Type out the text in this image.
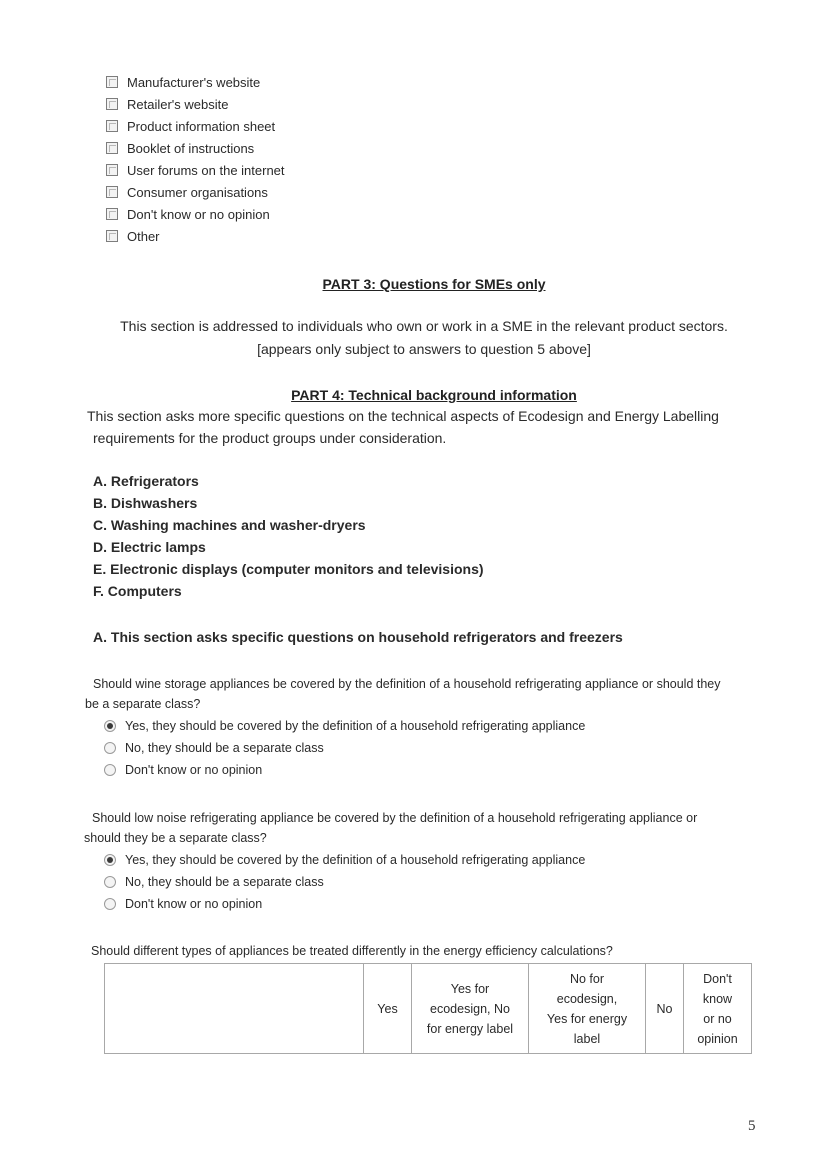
Manufacturer's website
Retailer's website
Product information sheet
Booklet of instructions
User forums on the internet
Consumer organisations
Don't know or no opinion
Other
PART 3: Questions for SMEs only
This section is addressed to individuals who own or work in a SME in the relevant product sectors.
[appears only subject to answers to question 5 above]
PART 4: Technical background information
This section asks more specific questions on the technical aspects of Ecodesign and Energy Labelling
requirements for the product groups under consideration.
A. Refrigerators
B. Dishwashers
C. Washing machines and washer-dryers
D. Electric lamps
E. Electronic displays (computer monitors and televisions)
F. Computers
A. This section asks specific questions on household refrigerators and freezers
Should wine storage appliances be covered by the definition of a household refrigerating appliance or should they
be a separate class?
Yes, they should be covered by the definition of a household refrigerating appliance
No, they should be a separate class
Don't know or no opinion
Should low noise refrigerating appliance be covered by the definition of a household refrigerating appliance or
should they be a separate class?
Yes, they should be covered by the definition of a household refrigerating appliance
No, they should be a separate class
Don't know or no opinion
Should different types of appliances be treated differently in the energy efficiency calculations?
	Yes	Yes for
ecodesign, No
for energy label	No for
ecodesign,
Yes for energy
label	No	Don't
know
or no
opinion
5
